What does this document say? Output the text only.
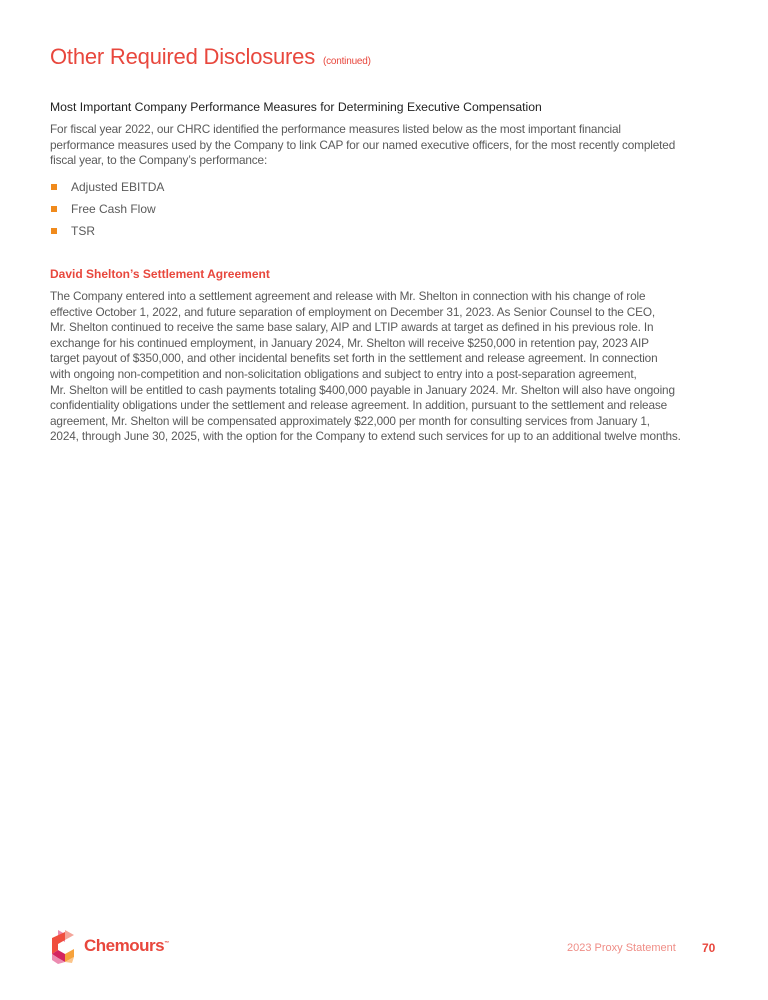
Other Required Disclosures (continued)
Most Important Company Performance Measures for Determining Executive Compensation
For fiscal year 2022, our CHRC identified the performance measures listed below as the most important financial
performance measures used by the Company to link CAP for our named executive officers, for the most recently completed
fiscal year, to the Company’s performance:
Adjusted EBITDA
Free Cash Flow
TSR
David Shelton’s Settlement Agreement
The Company entered into a settlement agreement and release with Mr. Shelton in connection with his change of role
effective October 1, 2022, and future separation of employment on December 31, 2023. As Senior Counsel to the CEO,
Mr. Shelton continued to receive the same base salary, AIP and LTIP awards at target as defined in his previous role. In
exchange for his continued employment, in January 2024, Mr. Shelton will receive $250,000 in retention pay, 2023 AIP
target payout of $350,000, and other incidental benefits set forth in the settlement and release agreement. In connection
with ongoing non-competition and non-solicitation obligations and subject to entry into a post-separation agreement,
Mr. Shelton will be entitled to cash payments totaling $400,000 payable in January 2024. Mr. Shelton will also have ongoing
confidentiality obligations under the settlement and release agreement. In addition, pursuant to the settlement and release
agreement, Mr. Shelton will be compensated approximately $22,000 per month for consulting services from January 1,
2024, through June 30, 2025, with the option for the Company to extend such services for up to an additional twelve months.
Chemours™	2023 Proxy Statement 70
